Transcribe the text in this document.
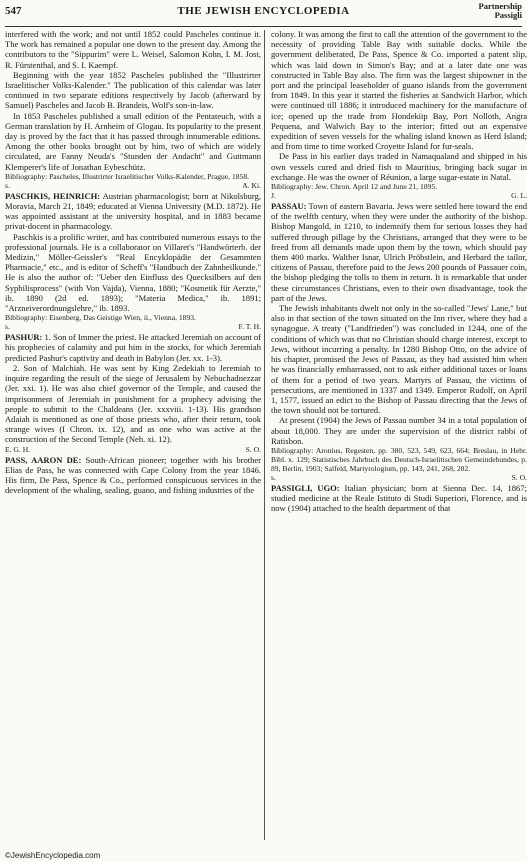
547	THE JEWISH ENCYCLOPEDIA	Partnership
Passigli

interfered with the work; and not until 1852 could Pascheles continue it. The work has remained a popular one down to the present day. Among the contributors to the "Sippurim" were L. Weisel, Salomon Kohn, I. M. Jost, R. Fürstenthal, and S. I. Kaempf.

Beginning with the year 1852 Pascheles published the "Illustrirter Israelitischer Volks-Kalender." The publication of this calendar was later continued in two separate editions respectively by Jacob (afterward by Samuel) Pascheles and Jacob B. Brandeis, Wolf's son-in-law.

In 1853 Pascheles published a small edition of the Pentateuch, with a German translation by H. Arnheim of Glogau. Its popularity to the present day is proved by the fact that it has passed through innumerable editions. Among the other books brought out by him, two of which are widely circulated, are Fanny Neuda's "Stunden der Andacht" and Guttmann Klemperer's life of Jonathan Eybeschütz.

Bibliography: Pascheles, Illustrirter Israelitischer Volks-Kalender, Prague, 1858.

s.	A. Ki.

PASCHKIS, HEINRICH: Austrian pharmacologist; born at Nikolsburg, Moravia, March 21, 1849; educated at Vienna University (M.D. 1872). He was appointed assistant at the university hospital, and in 1883 became privat-docent in pharmacology.

Paschkis is a prolific writer, and has contributed numerous essays to the professional journals. He is a collaborator on Villaret's "Handwörterb. der Medizin," Möller-Geissler's "Real Encyklopädie der Gesammten Pharmacie," etc., and is editor of Scheff's "Handbuch der Zahnheilkunde." He is also the author of: "Ueber den Einfluss des Quecksilbers auf den Syphilisprocess" (with Von Vajda), Vienna, 1880; "Kosmetik für Aerzte," ib. 1890 (2d ed. 1893); "Materia Medica," ib. 1891; "Arzneiverordnungslehre," ib. 1893.

Bibliography: Eisenberg, Das Geistige Wien, ii., Vienna, 1893.

s.	F. T. H.

PASHUR: 1. Son of Immer the priest. He attacked Jeremiah on account of his prophecies of calamity and put him in the stocks, for which Jeremiah predicted Pashur's captivity and death in Babylon (Jer. xx. 1-3).

2. Son of Malchiah. He was sent by King Zedekiah to Jeremiah to inquire regarding the result of the siege of Jerusalem by Nebuchadnezzar (Jer. xxi. 1). He was also chief governor of the Temple, and caused the imprisonment of Jeremiah in punishment for a prophecy advising the people to submit to the Chaldeans (Jer. xxxviii. 1-13). His grandson Adaiah is mentioned as one of those priests who, after their return, took strange wives (I Chron. ix. 12), and as one who was active at the construction of the Second Temple (Neh. xi. 12).

E. G. H.	S. O.

PASS, AARON DE: South-African pioneer; together with his brother Elias de Pass, he was connected with Cape Colony from the year 1846. His firm, De Pass, Spence & Co., performed conspicuous services in the development of the whaling, sealing, guano, and fishing industries of the

colony. It was among the first to call the attention of the government to the necessity of providing Table Bay with suitable docks. While the government deliberated, De Pass, Spence & Co. imported a patent slip, which was laid down in Simon's Bay; and at a later date one was constructed in Table Bay also. The firm was the largest shipowner in the port and the principal leaseholder of guano islands from the government from 1849. In this year it started the fisheries at Sandwich Harbor, which were continued till 1886; it introduced machinery for the manufacture of ice; opened up the trade from Hondekiip Bay, Port Nolloth, Angra Pequena, and Walwich Bay to the interior; fitted out an expensive expedition of seven vessels for the whaling island known as Herd Island; and from time to time worked Croyette Island for fur-seals.

De Pass in his earlier days traded in Namaqualand and shipped in his own vessels cured and dried fish to Mauritius, bringing back sugar in exchange. He was the owner of Réunion, a large sugar-estate in Natal.

Bibliography: Jew. Chron. April 12 and June 21, 1895.

J.	G. L.

PASSAU: Town of eastern Bavaria. Jews were settled here toward the end of the twelfth century, when they were under the authority of the bishop. Bishop Mangold, in 1210, to indemnify them for serious losses they had suffered through pillage by the Christians, arranged that they were to be freed from all demands made upon them by the town, which should pay them 400 marks. Walther Isnar, Ulrich Pröbstlein, and Herbard the tailor, citizens of Passau, therefore paid to the Jews 200 pounds of Passauer coin, the bishop pledging the tolls to them in return. It is remarkable that under these circumstances Christians, even to their own disadvantage, took the part of the Jews.

The Jewish inhabitants dwelt not only in the so-called "Jews' Lane," but also in that section of the town situated on the Inn river, where they had a synagogue. A treaty ("Landfrieden") was concluded in 1244, one of the conditions of which was that no Christian should charge interest, except to Jews, without incurring a penalty. In 1280 Bishop Otto, on the advice of his chapter, promised the Jews of Passau, as they had assisted him when he was financially embarrassed, not to ask either additional taxes or loans of them for a period of two years. Martyrs of Passau, the victims of persecutions, are mentioned in 1337 and 1349. Emperor Rudolf, on April 1, 1577, issued an edict to the Bishop of Passau directing that the Jews of the town should not be tortured.

At present (1904) the Jews of Passau number 34 in a total population of about 18,000. They are under the supervision of the district rabbi of Ratisbon.

Bibliography: Aronius, Regesten, pp. 380, 523, 549, 623, 664; Breslau, in Hebr. Bibl. x. 129; Statistisches Jahrbuch des Deutsch-Israelitischen Gemeindebundes, p. 89, Berlin, 1903; Salfeld, Martyrologium, pp. 143, 241, 268, 282.

s.	S. O.

PASSIGLI, UGO: Italian physician; born at Sienna Dec. 14, 1867; studied medicine at the Reale Istituto di Studi Superiori, Florence, and is now (1904) attached to the health department of that

©JewishEncyclopedia.com
